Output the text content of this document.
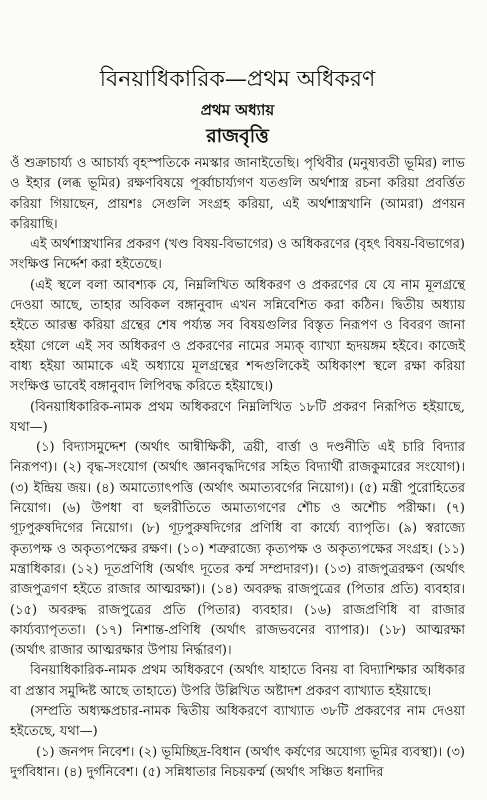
বিনয়াধিকারিক—প্রথম অধিকরণ
প্রথম অধ্যায়
রাজবৃত্তি

ওঁ শুক্রাচার্য্য ও আচার্য্য বৃহস্পতিকে নমস্কার জানাইতেছি। পৃথিবীর (মনুষ্যবতী ভূমির) লাভ ও ইহার (লব্ধ ভূমির) রক্ষণবিষয়ে পূর্ব্বাচার্য্যগণ যতগুলি অর্থশাস্ত্র রচনা করিয়া প্রবর্ত্তিত করিয়া গিয়াছেন, প্রায়শঃ সেগুলি সংগ্রহ করিয়া, এই অর্থশাস্ত্রখানি (আমরা) প্রণয়ন করিয়াছি।

এই অর্থশাস্ত্রখানির প্রকরণ (খণ্ড বিষয়-বিভাগের) ও অধিকরণের (বৃহৎ বিষয়-বিভাগের) সংক্ষিপ্ত নির্দ্দেশ করা হইতেছে।

(এই স্থলে বলা আবশ্যক যে, নিম্নলিখিত অধিকরণ ও প্রকরণের যে যে নাম মূলগ্রন্থে দেওয়া আছে, তাহার অবিকল বঙ্গানুবাদ এখন সন্নিবেশিত করা কঠিন। দ্বিতীয় অধ্যায় হইতে আরম্ভ করিয়া গ্রন্থের শেষ পর্য্যন্ত সব বিষয়গুলির বিস্তৃত নিরূপণ ও বিবরণ জানা হইয়া গেলে এই সব অধিকরণ ও প্রকরণের নামের সম্যক্ ব্যাখ্যা হৃদয়ঙ্গম হইবে। কাজেই বাধ্য হইয়া আমাকে এই অধ্যায়ে মূলগ্রন্থের শব্দগুলিকেই অধিকাংশ স্থলে রক্ষা করিয়া সংক্ষিপ্ত ভাবেই বঙ্গানুবাদ লিপিবদ্ধ করিতে হইয়াছে।)

(বিনয়াধিকারিক-নামক প্রথম অধিকরণে নিম্নলিখিত ১৮টি প্রকরণ নিরূপিত হইয়াছে, যথা—)

(১) বিদ্যাসমুদ্দেশ (অর্থাৎ আন্বীক্ষিকী, ত্রয়ী, বার্ত্তা ও দণ্ডনীতি এই চারি বিদ্যার নিরূপণ)। (২) বৃদ্ধ-সংযোগ (অর্থাৎ জ্ঞানবৃদ্ধদিগের সহিত বিদ্যার্থী রাজকুমারের সংযোগ)। (৩) ইন্দ্রিয় জয়। (৪) অমাত্যোৎপত্তি (অর্থাৎ অমাত্যবর্গের নিয়োগ)। (৫) মন্ত্রী পুরোহিতের নিয়োগ। (৬) উপধা বা ছলরীতিতে অমাত্যগণের শৌচ ও অশৌচ পরীক্ষা। (৭) গূঢ়পুরুষদিগের নিয়োগ। (৮) গূঢ়পুরুষদিগের প্রণিধি বা কার্য্যে ব্যাপৃতি। (৯) স্বরাজ্যে কৃত্যপক্ষ ও অকৃত্যপক্ষের রক্ষণ। (১০) শত্রুরাজ্যে কৃত্যপক্ষ ও অকৃত্যপক্ষের সংগ্রহ। (১১) মন্ত্রাধিকার। (১২) দূতপ্রণিধি (অর্থাৎ দূতের কর্ম্ম সম্প্রদারণ)। (১৩) রাজপুত্ররক্ষণ (অর্থাৎ রাজপুত্রগণ হইতে রাজার আত্মরক্ষা)। (১৪) অবরুদ্ধ রাজপুত্রের (পিতার প্রতি) ব্যবহার। (১৫) অবরুদ্ধ রাজপুত্রের প্রতি (পিতার) ব্যবহার। (১৬) রাজপ্রণিধি বা রাজার কার্য্যব্যাপৃততা। (১৭) নিশান্ত-প্রণিধি (অর্থাৎ রাজভবনের ব্যাপার)। (১৮) আত্মরক্ষা (অর্থাৎ রাজার আত্মরক্ষার উপায় নির্দ্ধারণ)।

বিনয়াধিকারিক-নামক প্রথম অধিকরণে (অর্থাৎ যাহাতে বিনয় বা বিদ্যাশিক্ষার অধিকার বা প্রস্তাব সমুদ্দিষ্ট আছে তাহাতে) উপরি উল্লিখিত অষ্টাদশ প্রকরণ ব্যাখ্যাত হইয়াছে।

(সম্প্রতি অধ্যক্ষপ্রচার-নামক দ্বিতীয় অধিকরণে ব্যাখ্যাত ৩৮টি প্রকরণের নাম দেওয়া হইতেছে, যথা—)

(১) জনপদ নিবেশ। (২) ভূমিচ্ছিদ্র-বিধান (অর্থাৎ কর্ষণের অযোগ্য ভূমির ব্যবস্থা)। (৩) দুর্গবিধান। (৪) দুর্গনিবেশ। (৫) সন্নিধাতার নিচয়কর্ম্ম (অর্থাৎ সঞ্চিত ধনাদির
